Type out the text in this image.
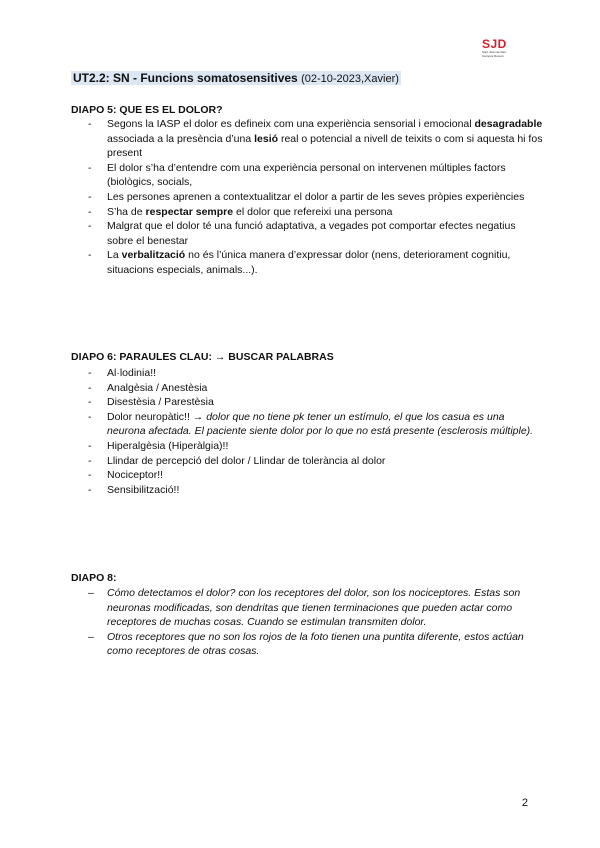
SJD
Sant Joan de Déu
Campus Docent
UT2.2: SN - Funcions somatosensitives (02-10-2023,Xavier)
DIAPO 5: QUE ES EL DOLOR?
- Segons la IASP el dolor es defineix com una experiència sensorial i emocional desagradable associada a la presència d’una lesió real o potencial a nivell de teixits o com si aquesta hi fos present
- El dolor s’ha d’entendre com una experiència personal on intervenen múltiples factors (biològics, socials,
- Les persones aprenen a contextualitzar el dolor a partir de les seves pròpies experiències
- S’ha de respectar sempre el dolor que refereixi una persona
- Malgrat que el dolor té una funció adaptativa, a vegades pot comportar efectes negatius sobre el benestar
- La verbalització no és l’única manera d’expressar dolor (nens, deteriorament cognitiu, situacions especials, animals...).
DIAPO 6: PARAULES CLAU: → BUSCAR PALABRAS
- Al·lodinia!!
- Analgèsia / Anestèsia
- Disestèsia / Parestèsia
- Dolor neuropàtic!! → dolor que no tiene pk tener un estímulo, el que los casua es una neurona afectada. El paciente siente dolor por lo que no está presente (esclerosis múltiple).
- Hiperalgèsia (Hiperàlgia)!!
- Llindar de percepció del dolor / Llindar de tolerància al dolor
- Nociceptor!!
- Sensibilització!!
DIAPO 8:
– Cómo detectamos el dolor? con los receptores del dolor, son los nociceptores. Estas son neuronas modificadas, son dendritas que tienen terminaciones que pueden actar como receptores de muchas cosas. Cuando se estimulan transmiten dolor.
– Otros receptores que no son los rojos de la foto tienen una puntita diferente, estos actúan como receptores de otras cosas.
2
